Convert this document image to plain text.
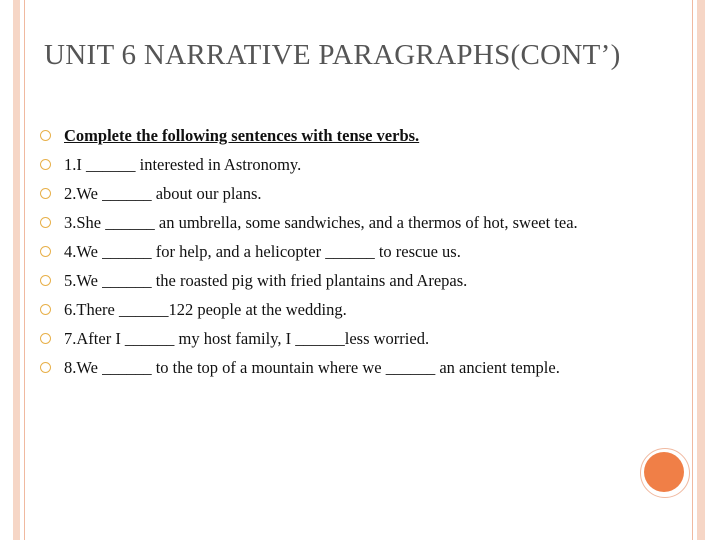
UNIT 6 NARRATIVE PARAGRAPHS(CONT’)
Complete the following sentences with tense verbs.
1.I ______ interested in Astronomy.
2.We ______ about our plans.
3.She ______ an umbrella, some sandwiches, and a thermos of hot, sweet tea.
4.We ______ for help, and a helicopter ______ to rescue us.
5.We ______ the roasted pig with fried plantains and Arepas.
6.There ______122 people at the wedding.
7.After I ______ my host family, I ______less worried.
8.We ______ to the top of a mountain where we ______ an ancient temple.
